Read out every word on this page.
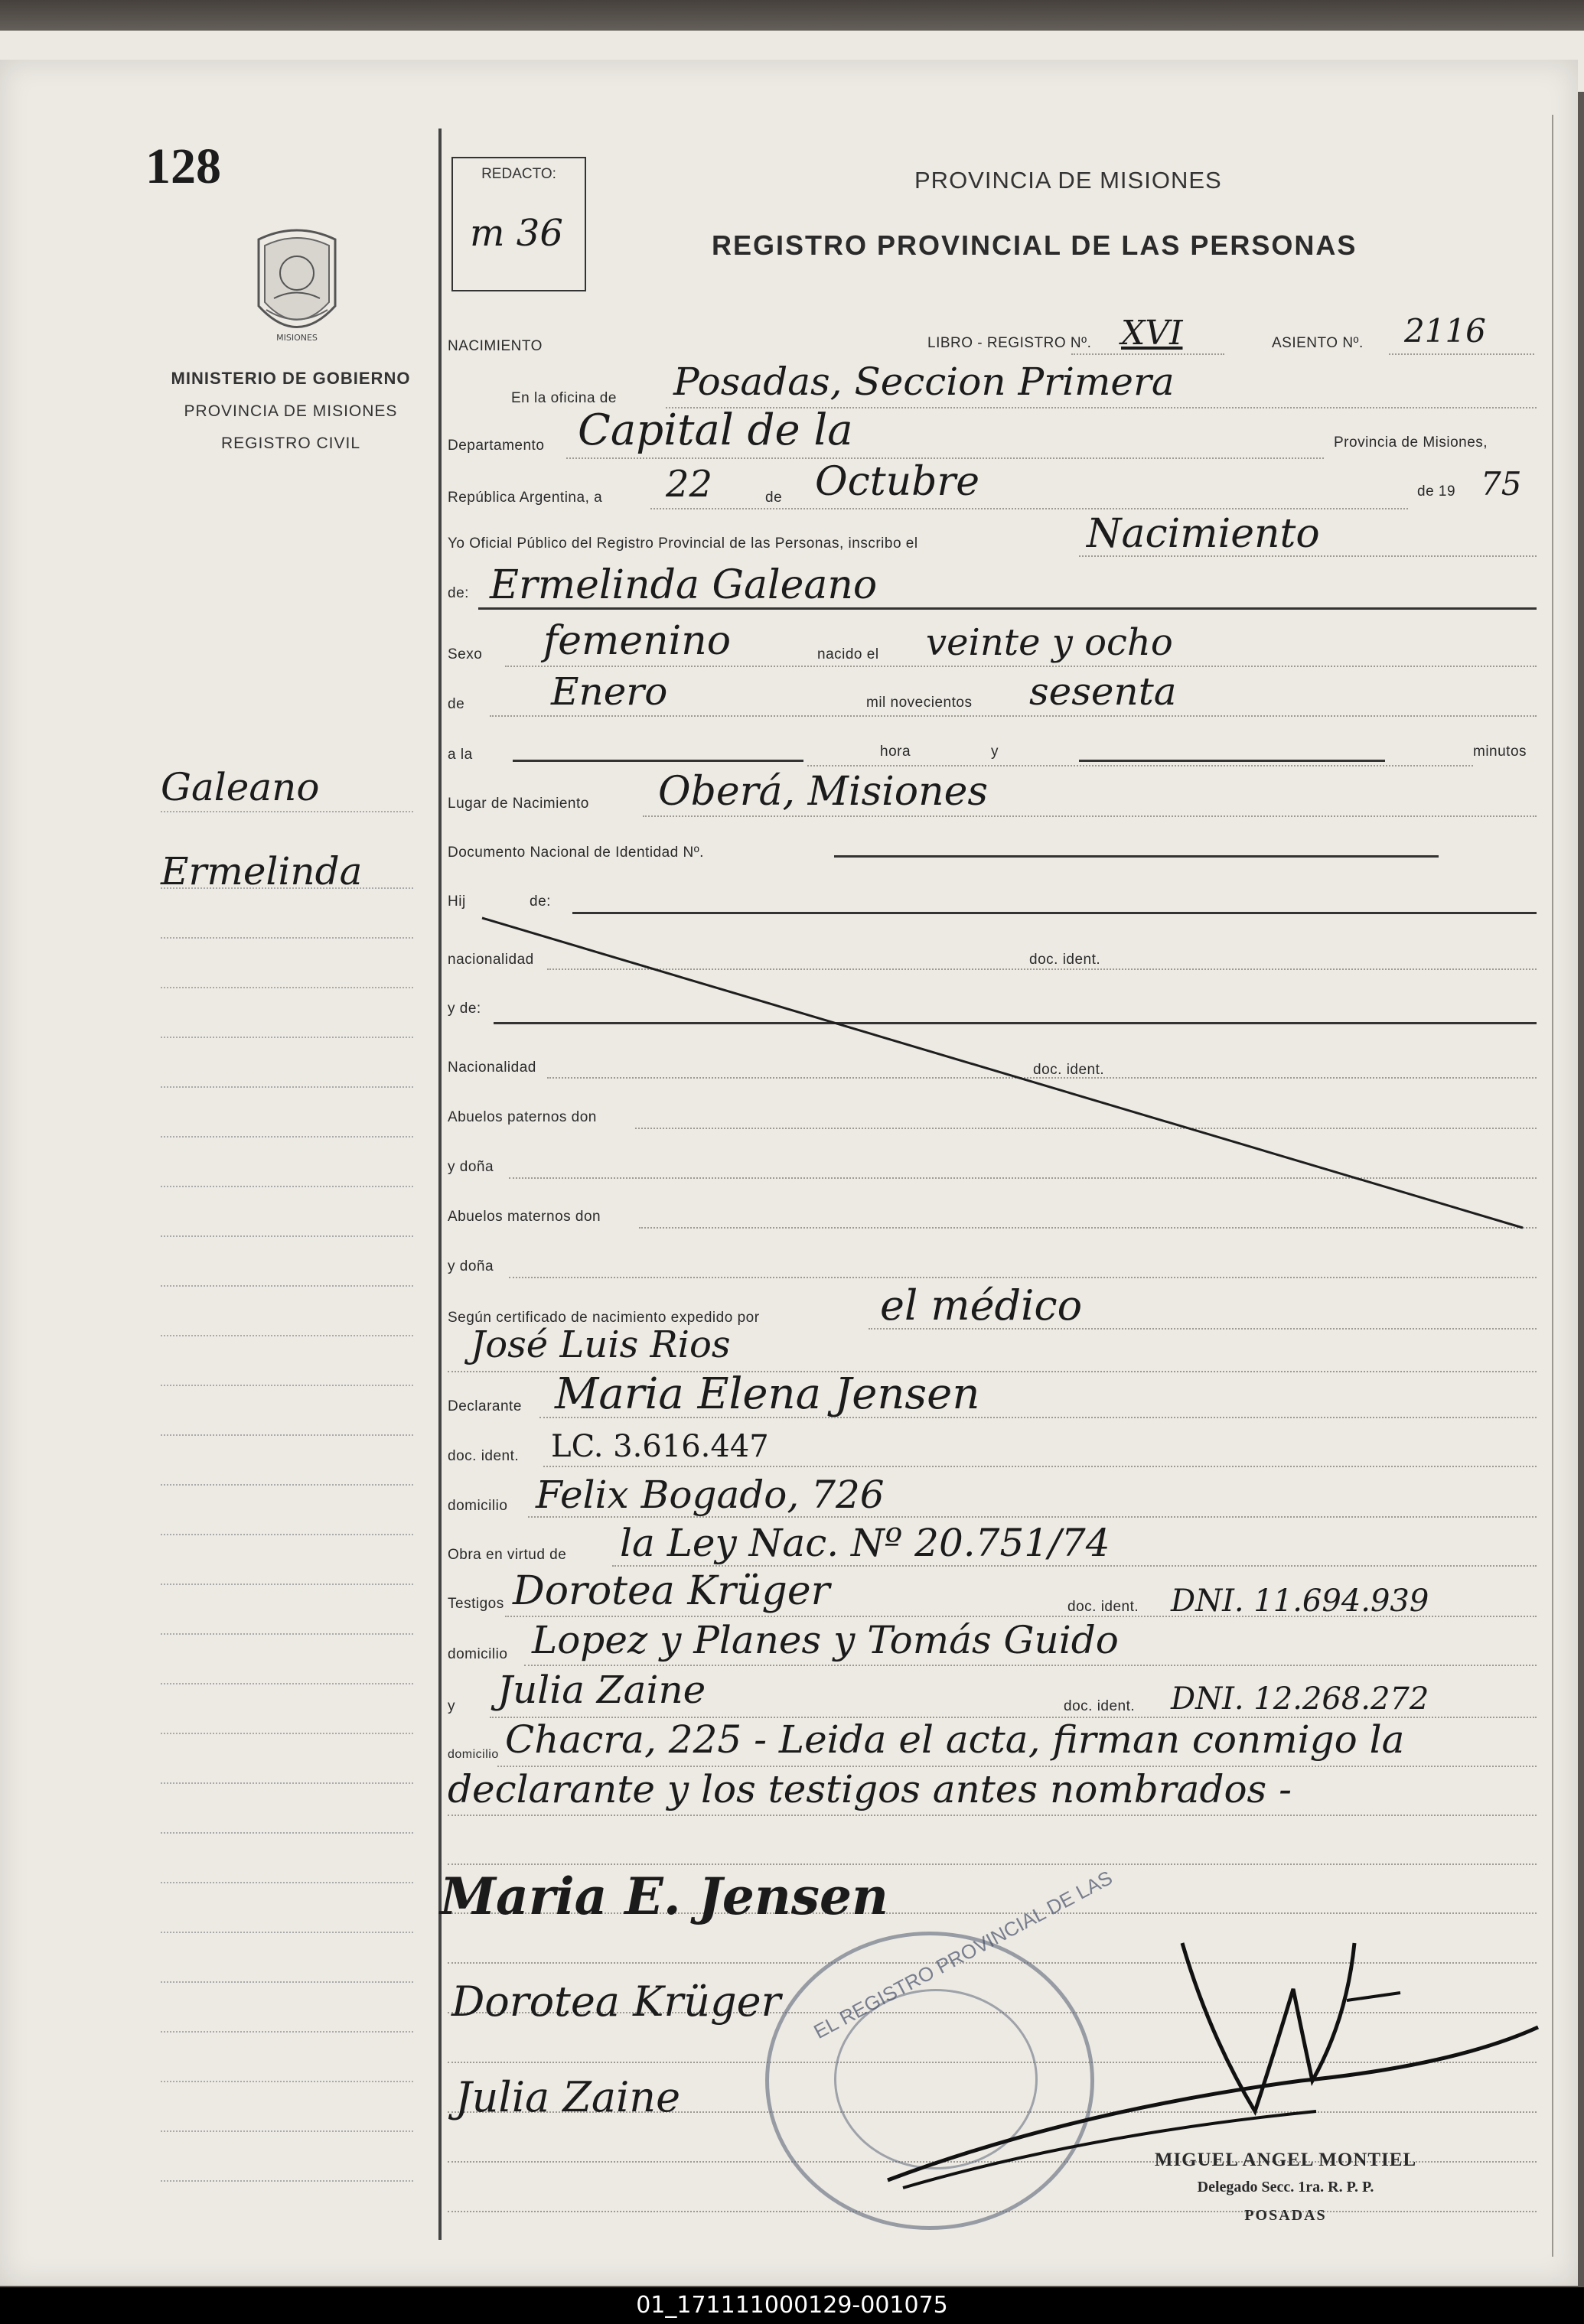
128
MISIONES
MINISTERIO DE GOBIERNO
PROVINCIA DE MISIONES
REGISTRO CIVIL
Galeano
Ermelinda
REDACTO:
m 36
PROVINCIA DE MISIONES
REGISTRO PROVINCIAL DE LAS PERSONAS
NACIMIENTO	LIBRO - REGISTRO Nº. XVI	ASIENTO Nº. 2116
En la oficina de Posadas, Seccion Primera
Departamento Capital de la	Provincia de Misiones,
República Argentina, a 22	de Octubre	de 19 75
Yo Oficial Público del Registro Provincial de las Personas, inscribo el	Nacimiento
de: Ermelinda Galeano
Sexo femenino	nacido el veinte y ocho
de Enero	mil novecientos sesenta
a la	hora	y	minutos
Lugar de Nacimiento Oberá, Misiones
Documento Nacional de Identidad Nº.
Hij	de:
nacionalidad	doc. ident.
y de:
Nacionalidad	doc. ident.
Abuelos paternos don
y doña
Abuelos maternos don
y doña
Según certificado de nacimiento expedido por	el médico
José Luis Rios
Declarante Maria Elena Jensen
doc. ident. LC. 3.616.447
domicilio Felix Bogado, 726
Obra en virtud de la Ley Nac. Nº 20.751/74
Testigos Dorotea Krüger	doc. ident. DNI. 11.694.939
domicilio Lopez y Planes y Tomás Guido
y Julia Zaine	doc. ident. DNI. 12.268.272
domicilio Chacra, 225 - Leida el acta, firman conmigo la
declarante y los testigos antes nombrados -
EL REGISTRO PROVINCIAL DE LAS
Maria E. Jensen
Dorotea Krüger
Julia Zaine
MIGUEL ANGEL MONTIEL
Delegado Secc. 1ra. R. P. P.
POSADAS
01_171111000129-001075
